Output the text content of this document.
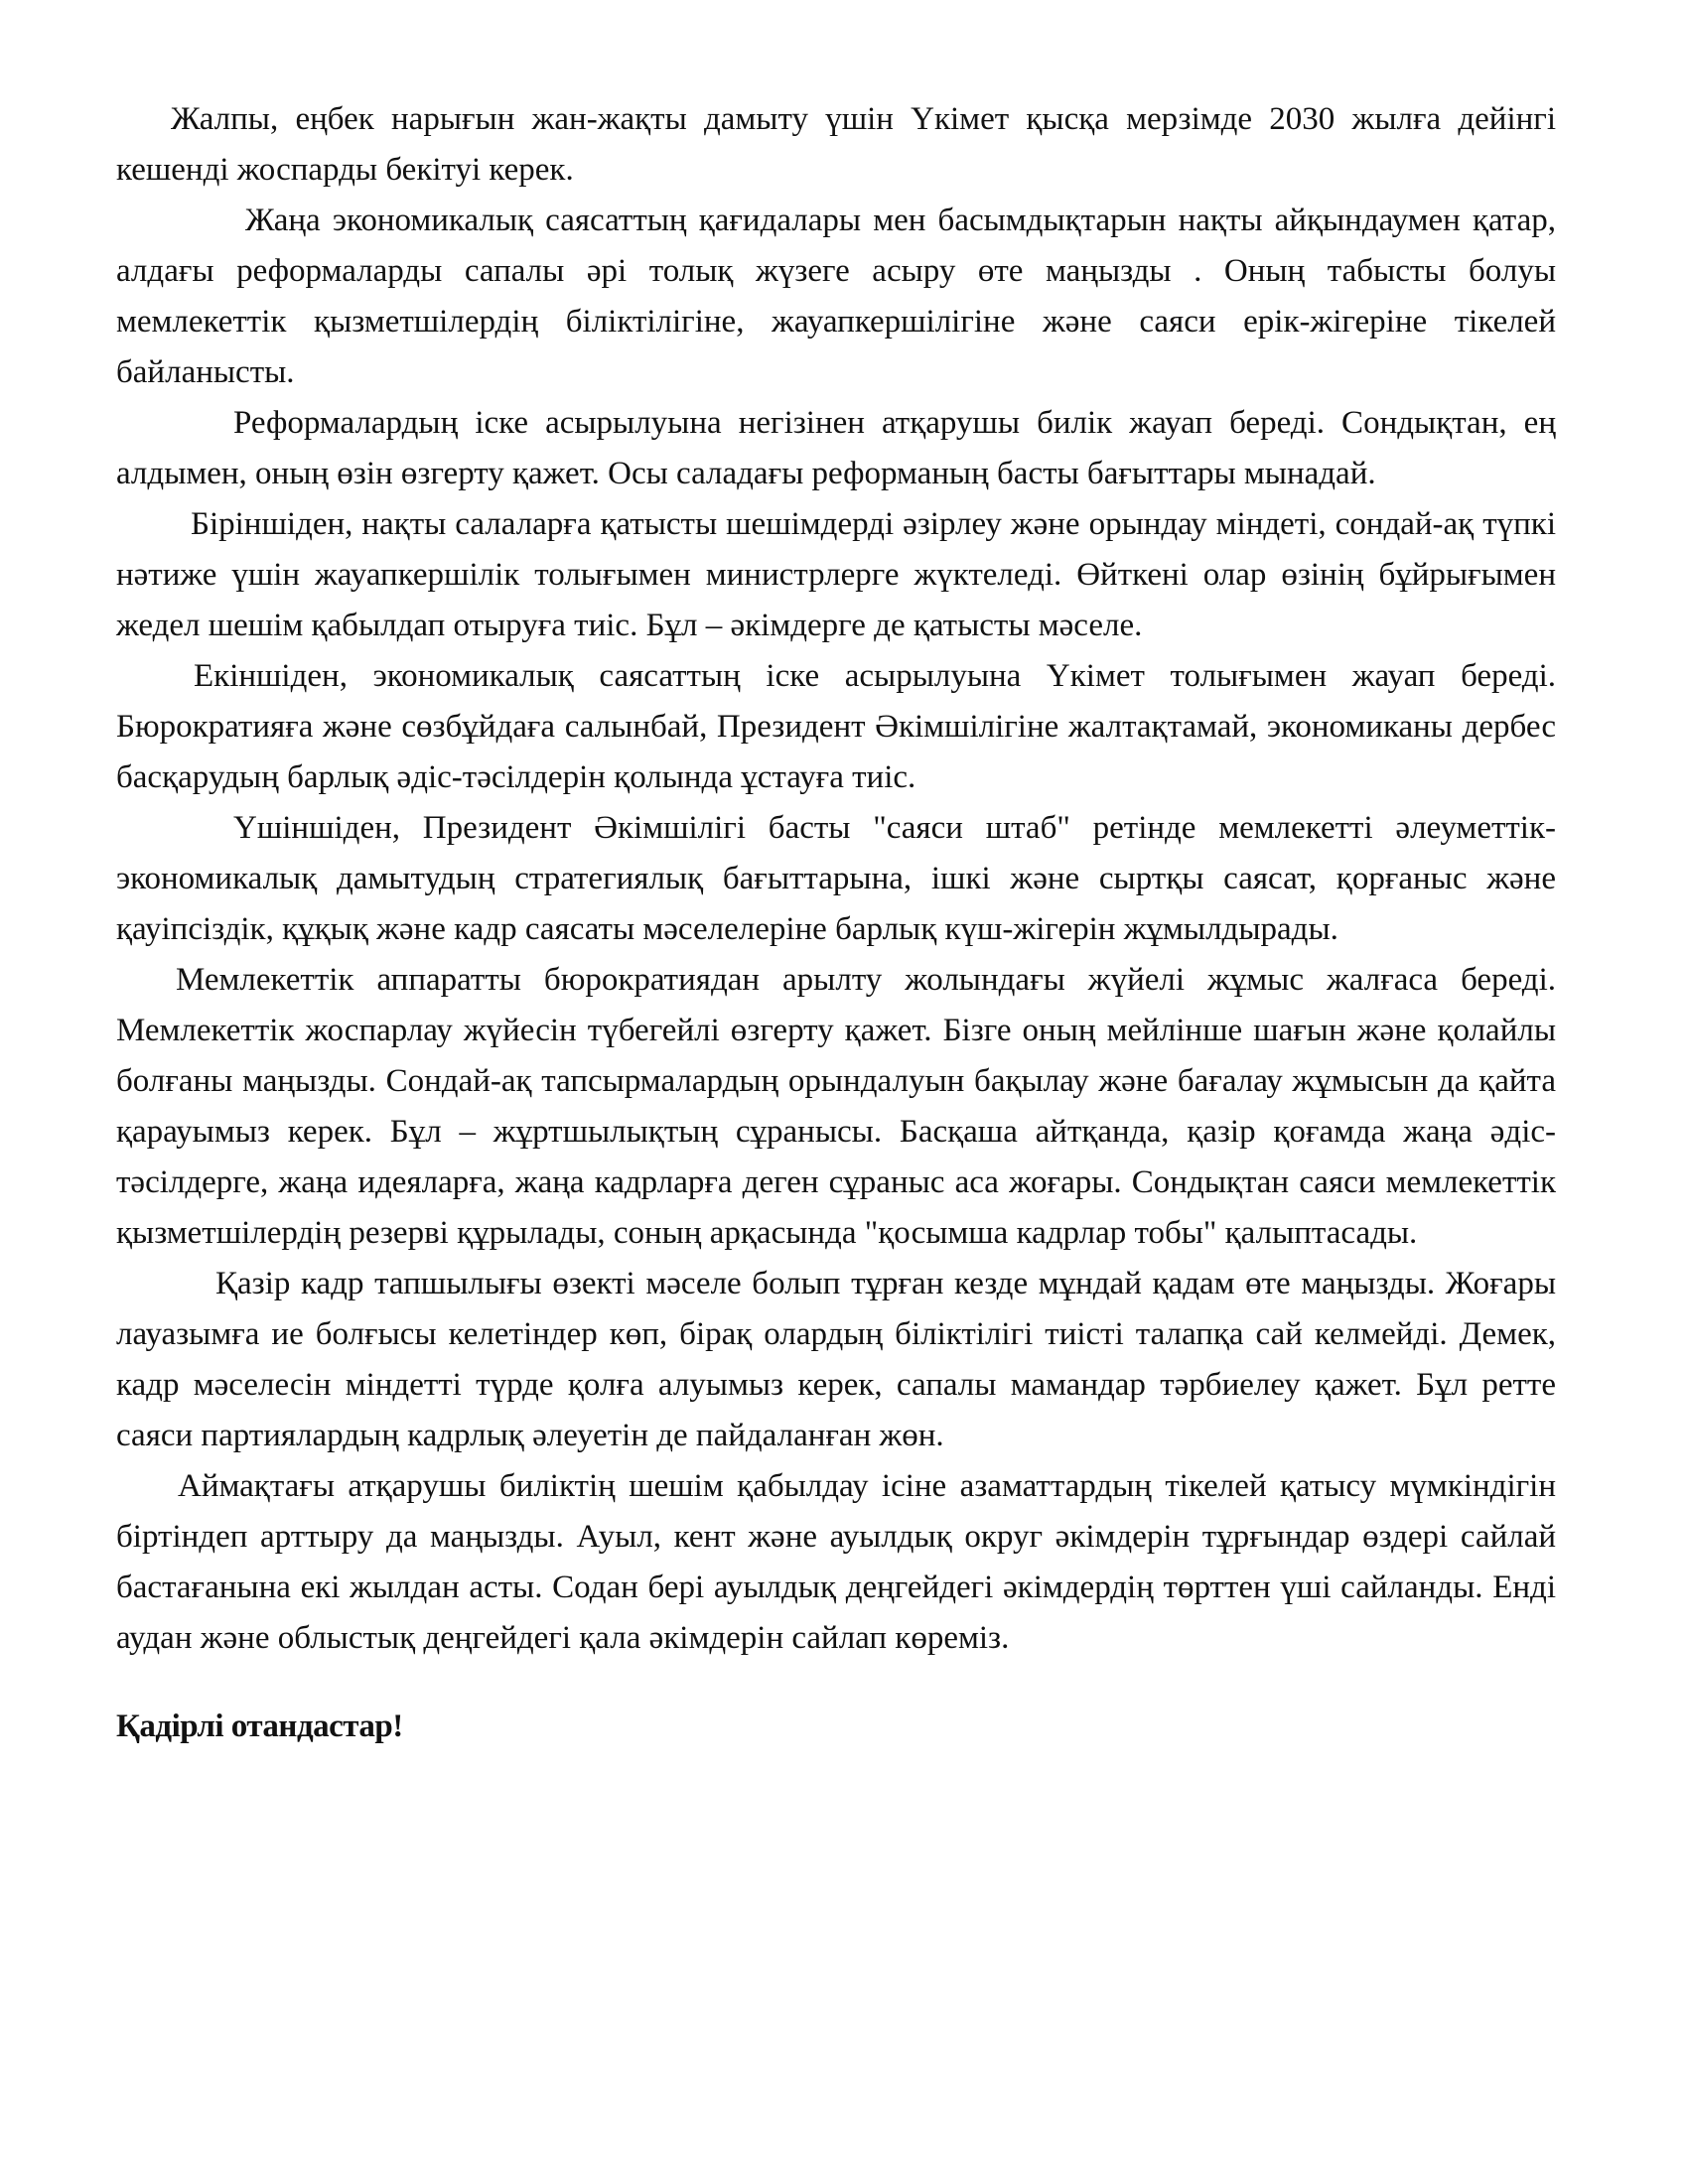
Жалпы, еңбек нарығын жан-жақты дамыту үшін Үкімет қысқа мерзімде 2030 жылға дейінгі кешенді жоспарды бекітуі керек.

Жаңа экономикалық саясаттың қағидалары мен басымдықтарын нақты айқындаумен қатар, алдағы реформаларды сапалы әрі толық жүзеге асыру өте маңызды . Оның табысты болуы мемлекеттік қызметшілердің біліктілігіне, жауапкершілігіне және саяси ерік-жігеріне тікелей байланысты.

Реформалардың іске асырылуына негізінен атқарушы билік жауап береді. Сондықтан, ең алдымен, оның өзін өзгерту қажет. Осы саладағы реформаның басты бағыттары мынадай.

Біріншіден, нақты салаларға қатысты шешімдерді әзірлеу және орындау міндеті, сондай-ақ түпкі нәтиже үшін жауапкершілік толығымен министрлерге жүктеледі. Өйткені олар өзінің бұйрығымен жедел шешім қабылдап отыруға тиіс. Бұл – әкімдерге де қатысты мәселе.

Екіншіден, экономикалық саясаттың іске асырылуына Үкімет толығымен жауап береді. Бюрократияға және сөзбұйдаға салынбай, Президент Әкімшілігіне жалтақтамай, экономиканы дербес басқарудың барлық әдіс-тәсілдерін қолында ұстауға тиіс.

Үшіншіден, Президент Әкімшілігі басты "саяси штаб" ретінде мемлекетті әлеуметтік-экономикалық дамытудың стратегиялық бағыттарына, ішкі және сыртқы саясат, қорғаныс және қауіпсіздік, құқық және кадр саясаты мәселелеріне барлық күш-жігерін жұмылдырады.

Мемлекеттік аппаратты бюрократиядан арылту жолындағы жүйелі жұмыс жалғаса береді. Мемлекеттік жоспарлау жүйесін түбегейлі өзгерту қажет. Бізге оның мейлінше шағын және қолайлы болғаны маңызды. Сондай-ақ тапсырмалардың орындалуын бақылау және бағалау жұмысын да қайта қарауымыз керек. Бұл – жұртшылықтың сұранысы. Басқаша айтқанда, қазір қоғамда жаңа әдіс-тәсілдерге, жаңа идеяларға, жаңа кадрларға деген сұраныс аса жоғары. Сондықтан саяси мемлекеттік қызметшілердің резерві құрылады, соның арқасында "қосымша кадрлар тобы" қалыптасады.

Қазір кадр тапшылығы өзекті мәселе болып тұрған кезде мұндай қадам өте маңызды. Жоғары лауазымға ие болғысы келетіндер көп, бірақ олардың біліктілігі тиісті талапқа сай келмейді. Демек, кадр мәселесін міндетті түрде қолға алуымыз керек, сапалы мамандар тәрбиелеу қажет. Бұл ретте саяси партиялардың кадрлық әлеуетін де пайдаланған жөн.

Аймақтағы атқарушы биліктің шешім қабылдау ісіне азаматтардың тікелей қатысу мүмкіндігін біртіндеп арттыру да маңызды. Ауыл, кент және ауылдық округ әкімдерін тұрғындар өздері сайлай бастағанына екі жылдан асты. Содан бері ауылдық деңгейдегі әкімдердің төрттен үші сайланды. Енді аудан және облыстық деңгейдегі қала әкімдерін сайлап көреміз.

Қадірлі отандастар!
